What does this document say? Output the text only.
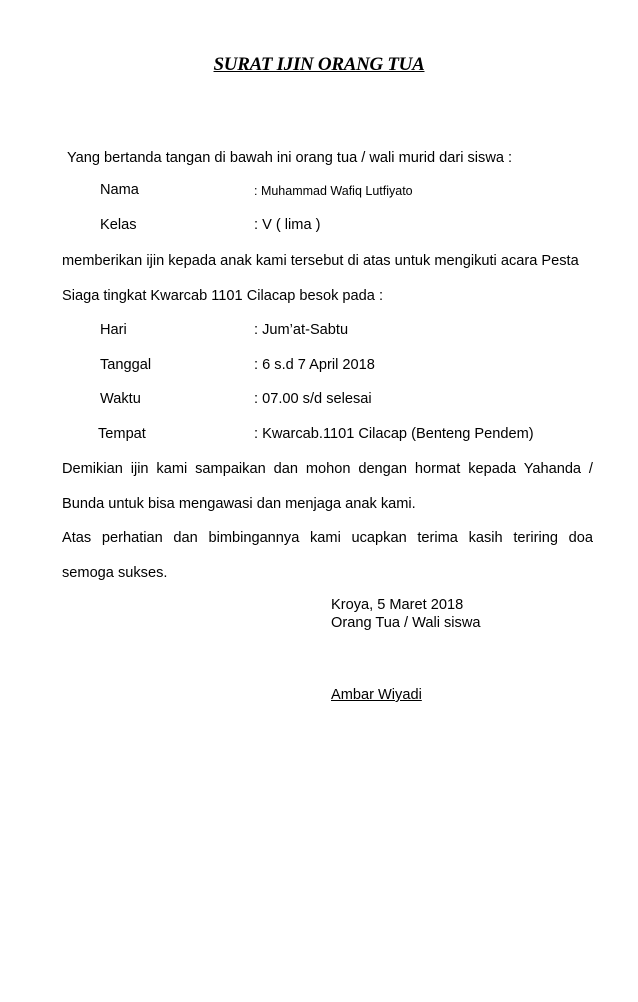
SURAT IJIN ORANG TUA
Yang bertanda tangan di bawah ini orang tua / wali murid dari siswa :
Nama	: Muhammad Wafiq Lutfiyato
Kelas	: V ( lima )
memberikan ijin kepada anak kami tersebut di atas untuk mengikuti acara Pesta
Siaga tingkat Kwarcab 1101 Cilacap besok pada :
Hari	: Jum’at-Sabtu
Tanggal	: 6 s.d 7 April 2018
Waktu	: 07.00 s/d selesai
Tempat	: Kwarcab.1101 Cilacap (Benteng Pendem)
Demikian ijin kami sampaikan dan mohon dengan hormat kepada Yahanda /
Bunda untuk bisa mengawasi dan menjaga anak kami.
Atas perhatian dan bimbingannya kami ucapkan terima kasih teriring doa
semoga sukses.
Kroya, 5 Maret 2018
Orang Tua / Wali siswa
Ambar Wiyadi
